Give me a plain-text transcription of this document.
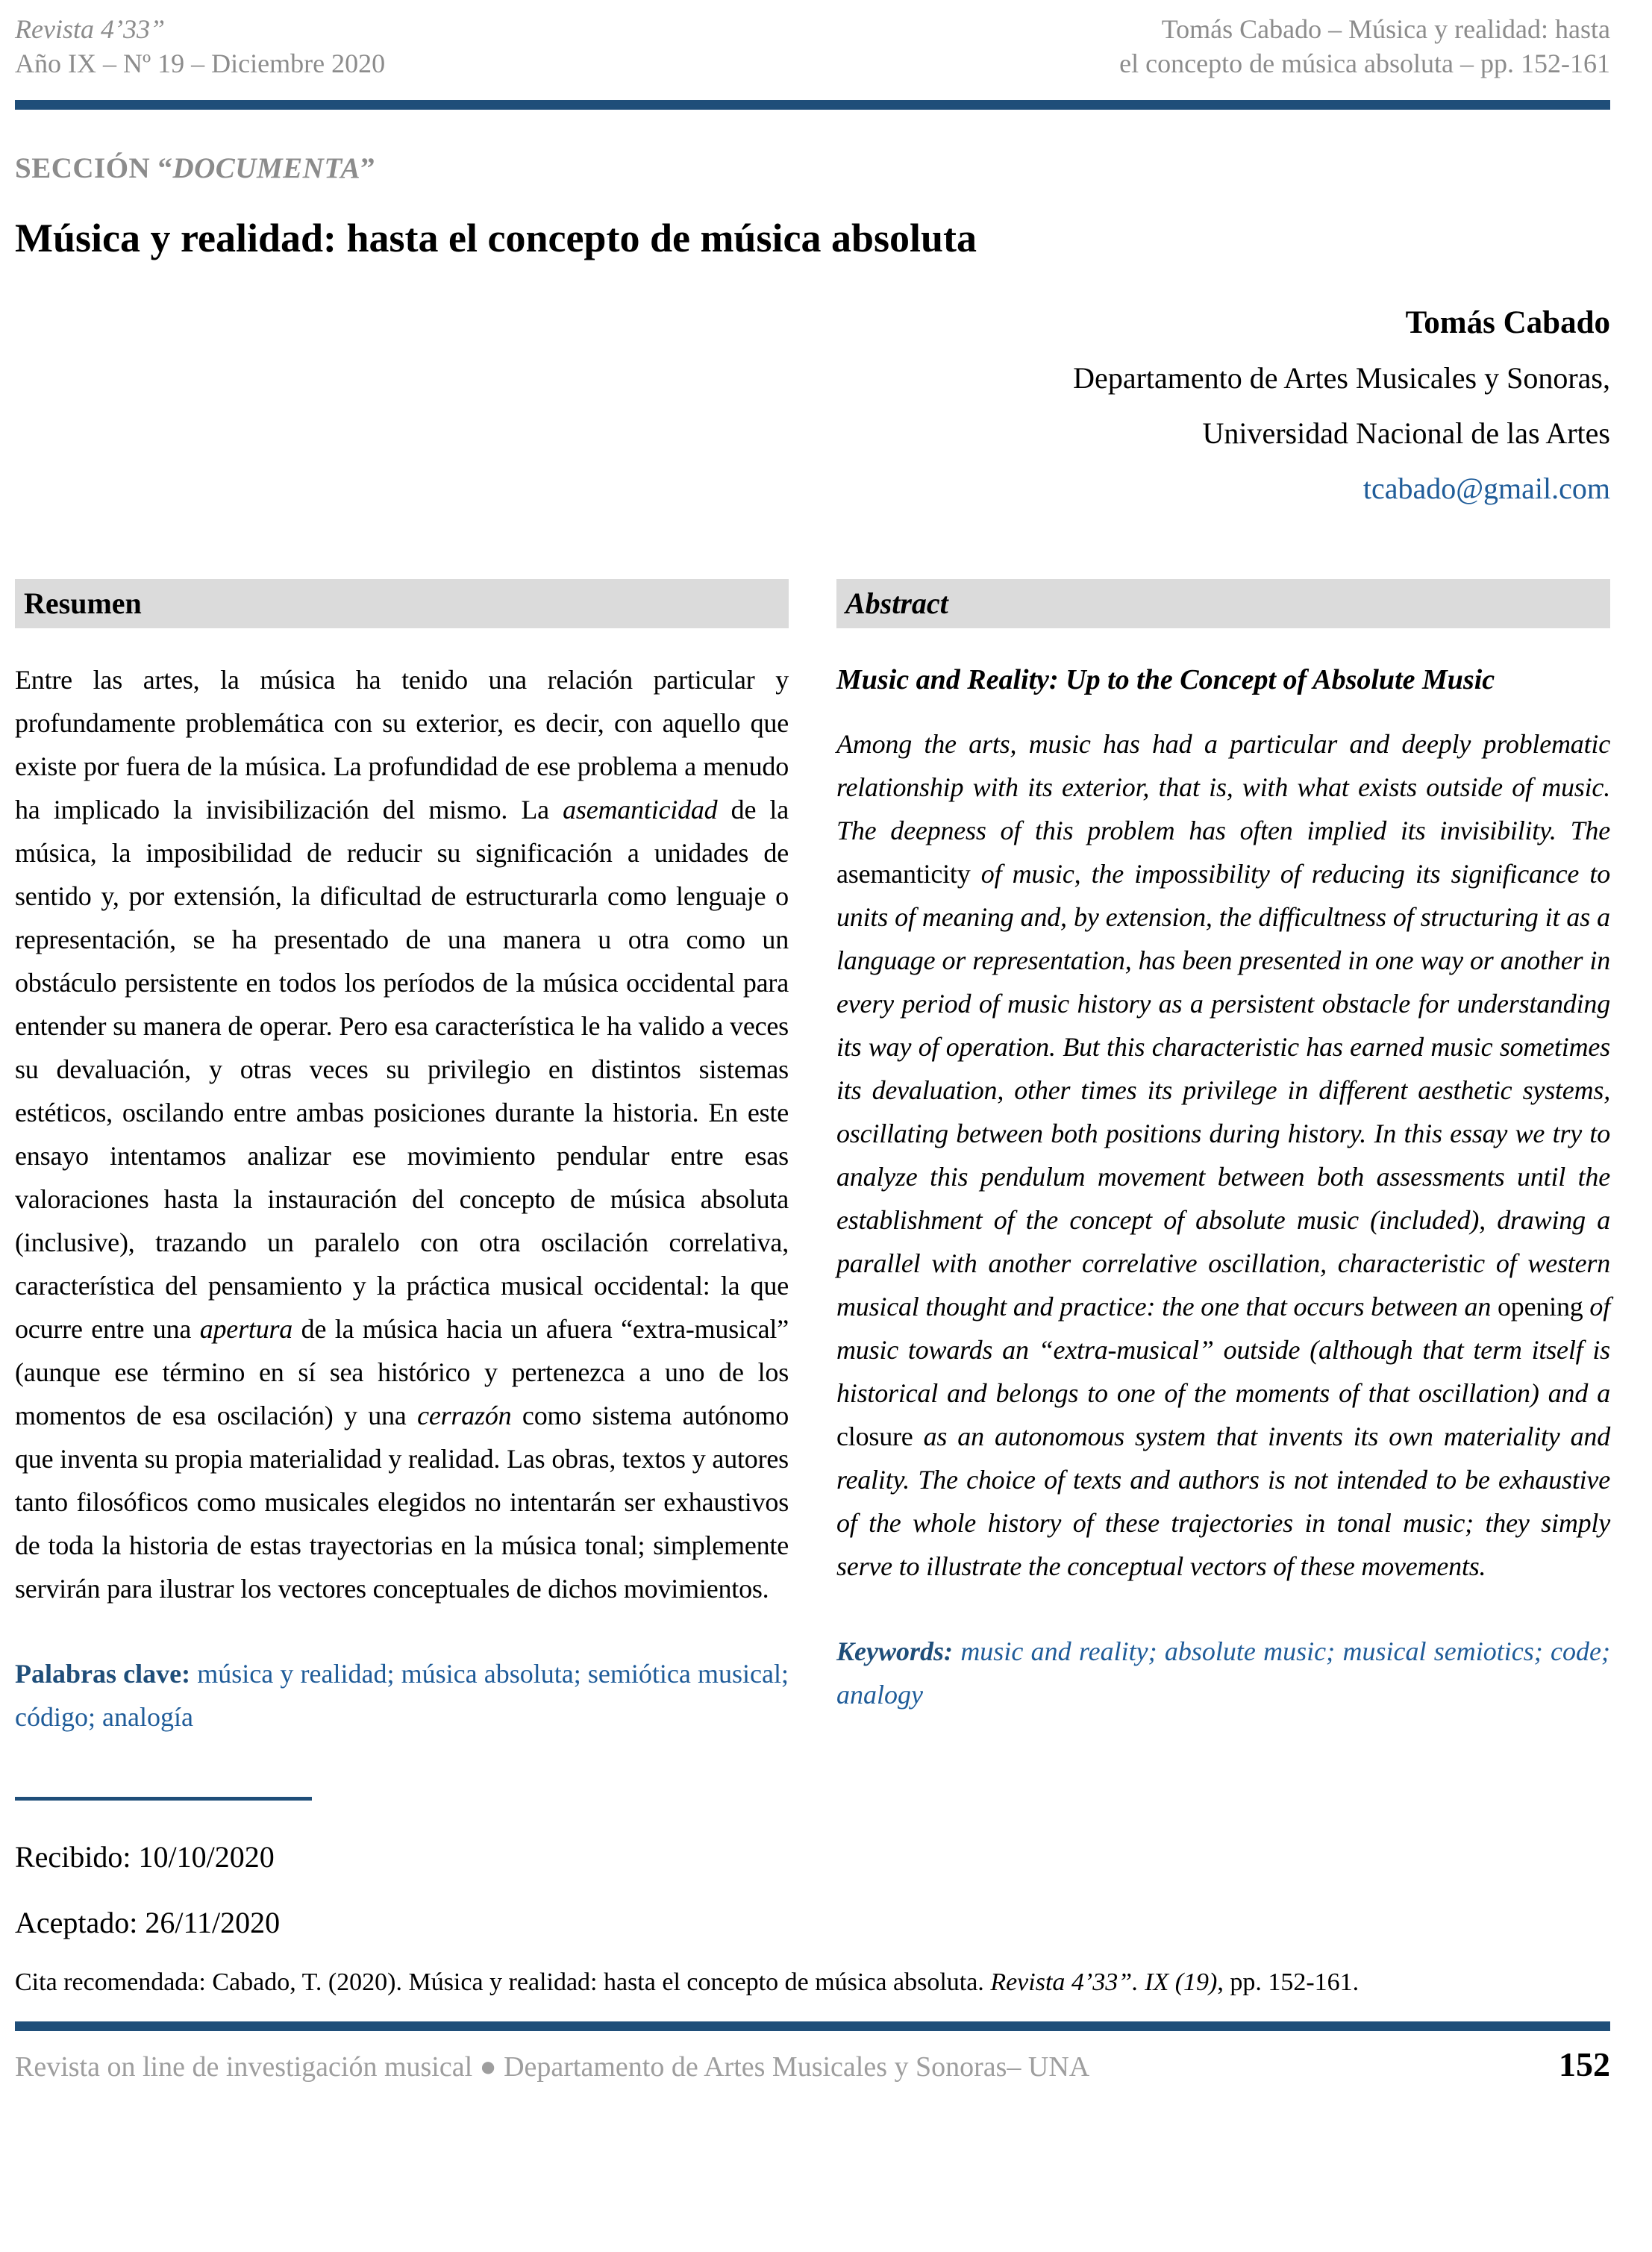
Revista 4’33”
Año IX – Nº 19 – Diciembre 2020
Tomás Cabado – Música y realidad: hasta
el concepto de música absoluta – pp. 152-161
SECCIÓN “DOCUMENTA”
Música y realidad: hasta el concepto de música absoluta
Tomás Cabado
Departamento de Artes Musicales y Sonoras,
Universidad Nacional de las Artes
tcabado@gmail.com
Resumen

Entre las artes, la música ha tenido una relación particular y profundamente problemática con su exterior, es decir, con aquello que existe por fuera de la música. La profundidad de ese problema a menudo ha implicado la invisibilización del mismo. La asemanticidad de la música, la imposibilidad de reducir su significación a unidades de sentido y, por extensión, la dificultad de estructurarla como lenguaje o representación, se ha presentado de una manera u otra como un obstáculo persistente en todos los períodos de la música occidental para entender su manera de operar. Pero esa característica le ha valido a veces su devaluación, y otras veces su privilegio en distintos sistemas estéticos, oscilando entre ambas posiciones durante la historia. En este ensayo intentamos analizar ese movimiento pendular entre esas valoraciones hasta la instauración del concepto de música absoluta (inclusive), trazando un paralelo con otra oscilación correlativa, característica del pensamiento y la práctica musical occidental: la que ocurre entre una apertura de la música hacia un afuera “extra-musical” (aunque ese término en sí sea histórico y pertenezca a uno de los momentos de esa oscilación) y una cerrazón como sistema autónomo que inventa su propia materialidad y realidad. Las obras, textos y autores tanto filosóficos como musicales elegidos no intentarán ser exhaustivos de toda la historia de estas trayectorias en la música tonal; simplemente servirán para ilustrar los vectores conceptuales de dichos movimientos.

Palabras clave: música y realidad; música absoluta; semiótica musical; código; analogía

Abstract
Music and Reality: Up to the Concept of Absolute Music

Among the arts, music has had a particular and deeply problematic relationship with its exterior, that is, with what exists outside of music. The deepness of this problem has often implied its invisibility. The asemanticity of music, the impossibility of reducing its significance to units of meaning and, by extension, the difficultness of structuring it as a language or representation, has been presented in one way or another in every period of music history as a persistent obstacle for understanding its way of operation. But this characteristic has earned music sometimes its devaluation, other times its privilege in different aesthetic systems, oscillating between both positions during history. In this essay we try to analyze this pendulum movement between both assessments until the establishment of the concept of absolute music (included), drawing a parallel with another correlative oscillation, characteristic of western musical thought and practice: the one that occurs between an opening of music towards an “extra-musical” outside (although that term itself is historical and belongs to one of the moments of that oscillation) and a closure as an autonomous system that invents its own materiality and reality. The choice of texts and authors is not intended to be exhaustive of the whole history of these trajectories in tonal music; they simply serve to illustrate the conceptual vectors of these movements.

Keywords: music and reality; absolute music; musical semiotics; code; analogy

Recibido: 10/10/2020
Aceptado: 26/11/2020
Cita recomendada: Cabado, T. (2020). Música y realidad: hasta el concepto de música absoluta. Revista 4’33”. IX (19), pp. 152-161.
Revista on line de investigación musical ● Departamento de Artes Musicales y Sonoras– UNA	152
